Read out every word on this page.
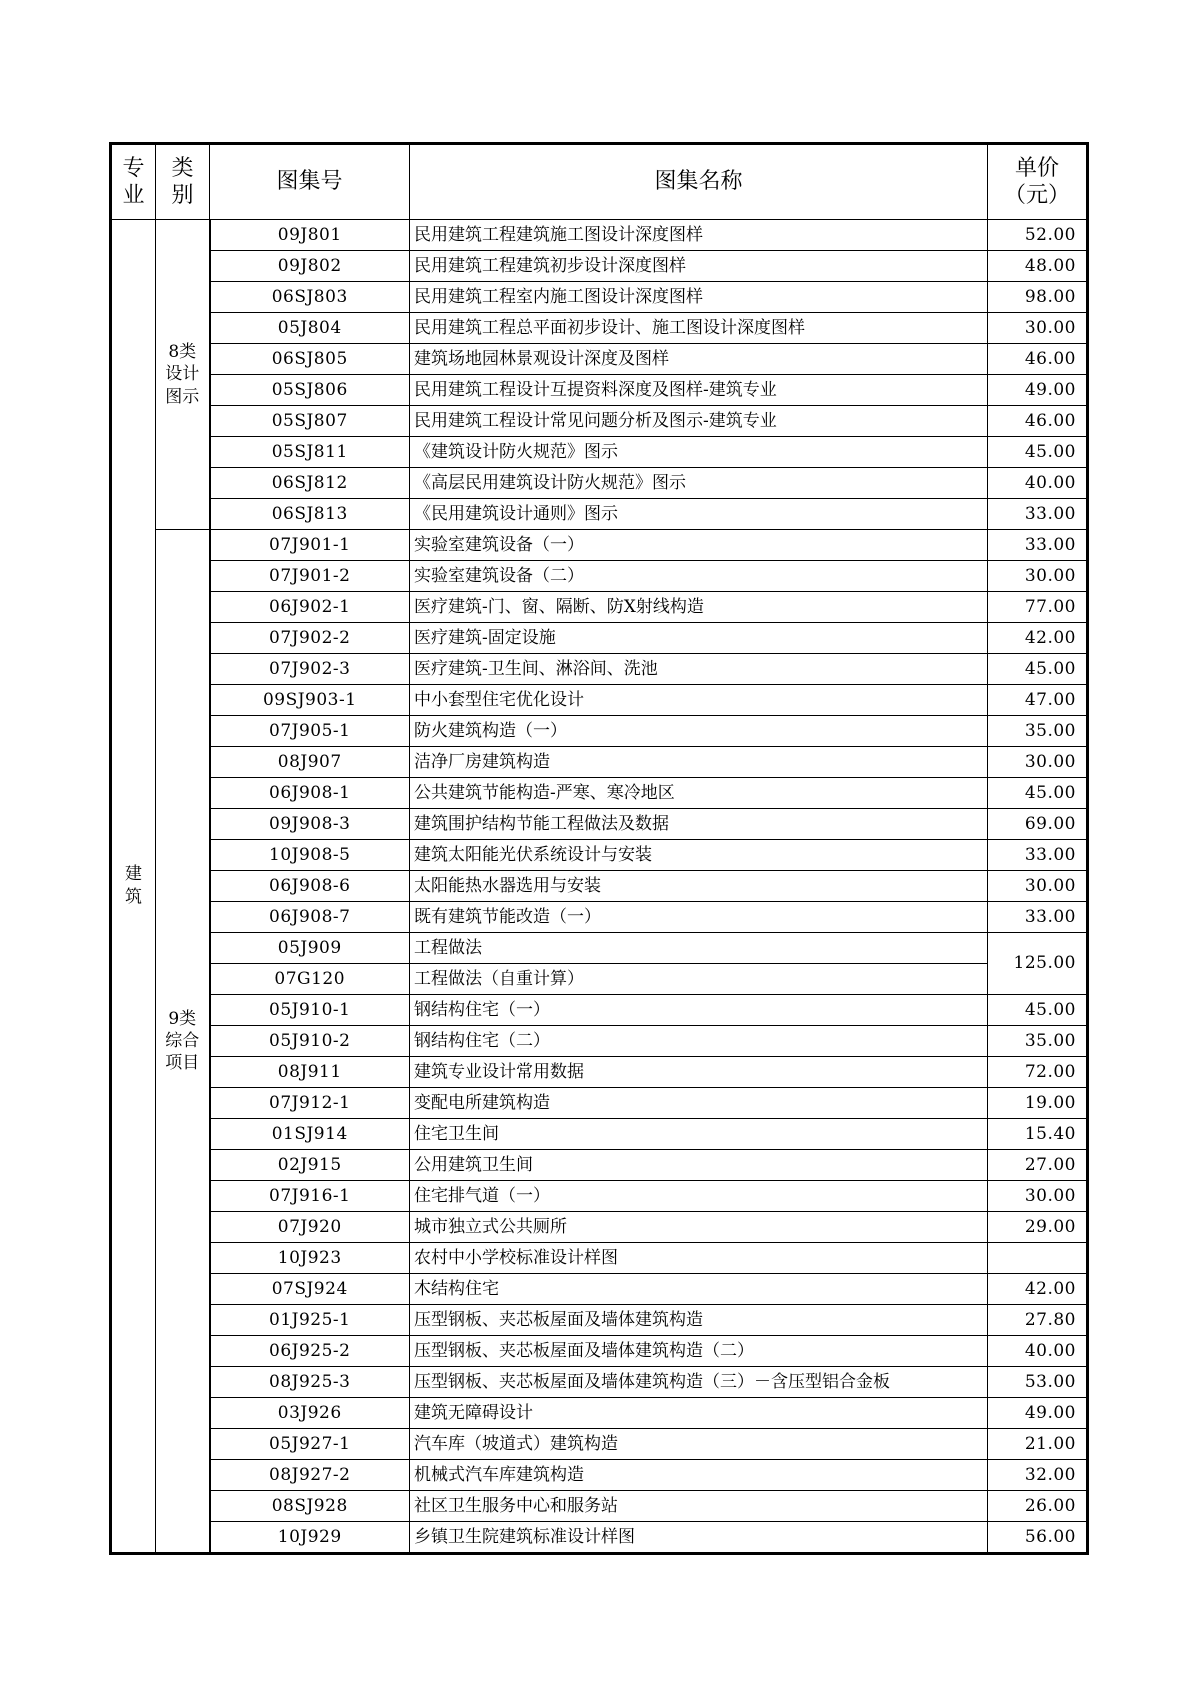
专业	类别	图集号	图集名称	单价（元）
建筑	8类设计图示	09J801	民用建筑工程建筑施工图设计深度图样	52.00
		09J802	民用建筑工程建筑初步设计深度图样	48.00
		06SJ803	民用建筑工程室内施工图设计深度图样	98.00
		05J804	民用建筑工程总平面初步设计、施工图设计深度图样	30.00
		06SJ805	建筑场地园林景观设计深度及图样	46.00
		05SJ806	民用建筑工程设计互提资料深度及图样-建筑专业	49.00
		05SJ807	民用建筑工程设计常见问题分析及图示-建筑专业	46.00
		05SJ811	《建筑设计防火规范》图示	45.00
		06SJ812	《高层民用建筑设计防火规范》图示	40.00
		06SJ813	《民用建筑设计通则》图示	33.00
	9类综合项目	07J901-1	实验室建筑设备（一）	33.00
		07J901-2	实验室建筑设备（二）	30.00
		06J902-1	医疗建筑-门、窗、隔断、防X射线构造	77.00
		07J902-2	医疗建筑-固定设施	42.00
		07J902-3	医疗建筑-卫生间、淋浴间、洗池	45.00
		09SJ903-1	中小套型住宅优化设计	47.00
		07J905-1	防火建筑构造（一）	35.00
		08J907	洁净厂房建筑构造	30.00
		06J908-1	公共建筑节能构造-严寒、寒冷地区	45.00
		09J908-3	建筑围护结构节能工程做法及数据	69.00
		10J908-5	建筑太阳能光伏系统设计与安装	33.00
		06J908-6	太阳能热水器选用与安装	30.00
		06J908-7	既有建筑节能改造（一）	33.00
		05J909	工程做法	125.00
		07G120	工程做法（自重计算）	
		05J910-1	钢结构住宅（一）	45.00
		05J910-2	钢结构住宅（二）	35.00
		08J911	建筑专业设计常用数据	72.00
		07J912-1	变配电所建筑构造	19.00
		01SJ914	住宅卫生间	15.40
		02J915	公用建筑卫生间	27.00
		07J916-1	住宅排气道（一）	30.00
		07J920	城市独立式公共厕所	29.00
		10J923	农村中小学校标准设计样图	
		07SJ924	木结构住宅	42.00
		01J925-1	压型钢板、夹芯板屋面及墙体建筑构造	27.80
		06J925-2	压型钢板、夹芯板屋面及墙体建筑构造（二）	40.00
		08J925-3	压型钢板、夹芯板屋面及墙体建筑构造（三）－含压型铝合金板	53.00
		03J926	建筑无障碍设计	49.00
		05J927-1	汽车库（坡道式）建筑构造	21.00
		08J927-2	机械式汽车库建筑构造	32.00
		08SJ928	社区卫生服务中心和服务站	26.00
		10J929	乡镇卫生院建筑标准设计样图	56.00
